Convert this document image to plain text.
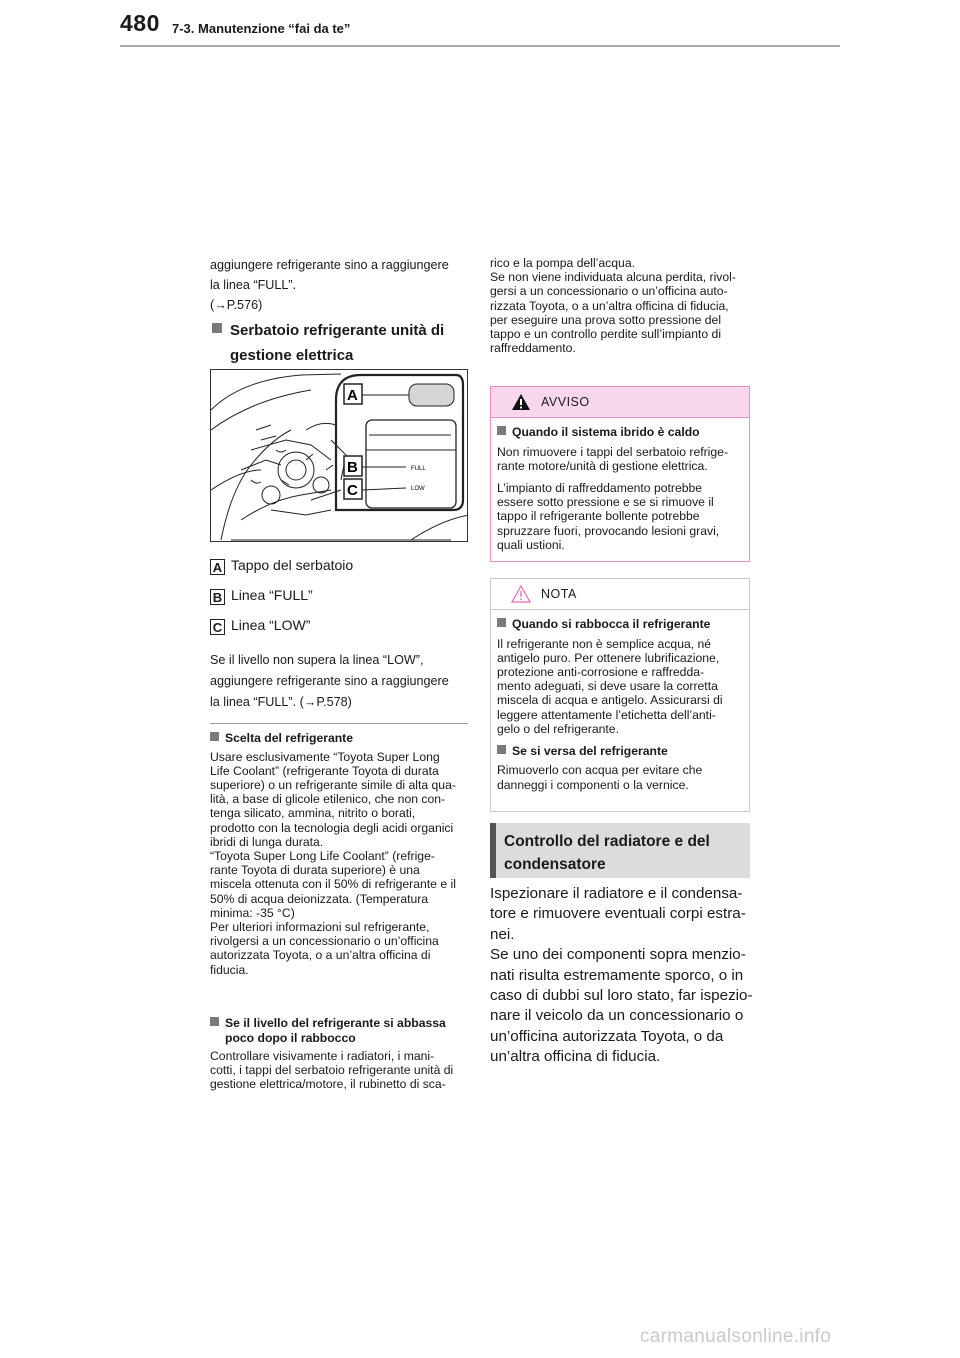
480 7-3. Manutenzione “fai da te”

aggiungere refrigerante sino a raggiungere

la linea “FULL”.

(→P.576)

Serbatoio refrigerante unità di
gestione elettrica
FULL
LOW
A
B
C
A Tappo del serbatoio
B Linea “FULL”
C Linea “LOW”

Se il livello non supera la linea “LOW”,

aggiungere refrigerante sino a raggiungere

la linea “FULL”. (→P.578)

Scelta del refrigerante
Usare esclusivamente “Toyota Super Long
Life Coolant” (refrigerante Toyota di durata
superiore) o un refrigerante simile di alta qua-
lità, a base di glicole etilenico, che non con-
tenga silicato, ammina, nitrito o borati,
prodotto con la tecnologia degli acidi organici
ibridi di lunga durata.
“Toyota Super Long Life Coolant” (refrige-
rante Toyota di durata superiore) è una
miscela ottenuta con il 50% di refrigerante e il
50% di acqua deionizzata. (Temperatura
minima: -35 °C)
Per ulteriori informazioni sul refrigerante,
rivolgersi a un concessionario o un’officina
autorizzata Toyota, o a un’altra officina di
fiducia.
Se il livello del refrigerante si abbassa
poco dopo il rabbocco
Controllare visivamente i radiatori, i mani-
cotti, i tappi del serbatoio refrigerante unità di
gestione elettrica/motore, il rubinetto di sca-
rico e la pompa dell’acqua.
Se non viene individuata alcuna perdita, rivol-
gersi a un concessionario o un’officina auto-
rizzata Toyota, o a un’altra officina di fiducia,
per eseguire una prova sotto pressione del
tappo e un controllo perdite sull’impianto di
raffreddamento.
AVVISO

Quando il sistema ibrido è caldo

Non rimuovere i tappi del serbatoio refrige-
rante motore/unità di gestione elettrica.

L’impianto di raffreddamento potrebbe
essere sotto pressione e se si rimuove il
tappo il refrigerante bollente potrebbe
spruzzare fuori, provocando lesioni gravi,
quali ustioni.

NOTA

Quando si rabbocca il refrigerante

Il refrigerante non è semplice acqua, né
antigelo puro. Per ottenere lubrificazione,
protezione anti-corrosione e raffredda-
mento adeguati, si deve usare la corretta
miscela di acqua e antigelo. Assicurarsi di
leggere attentamente l’etichetta dell’anti-
gelo o del refrigerante.

Se si versa del refrigerante

Rimuoverlo con acqua per evitare che
danneggi i componenti o la vernice.

Controllo del radiatore e del
condensatore
Ispezionare il radiatore e il condensa-
tore e rimuovere eventuali corpi estra-
nei.
Se uno dei componenti sopra menzio-
nati risulta estremamente sporco, o in
caso di dubbi sul loro stato, far ispezio-
nare il veicolo da un concessionario o
un’officina autorizzata Toyota, o da
un’altra officina di fiducia.
carmanualsonline.info
